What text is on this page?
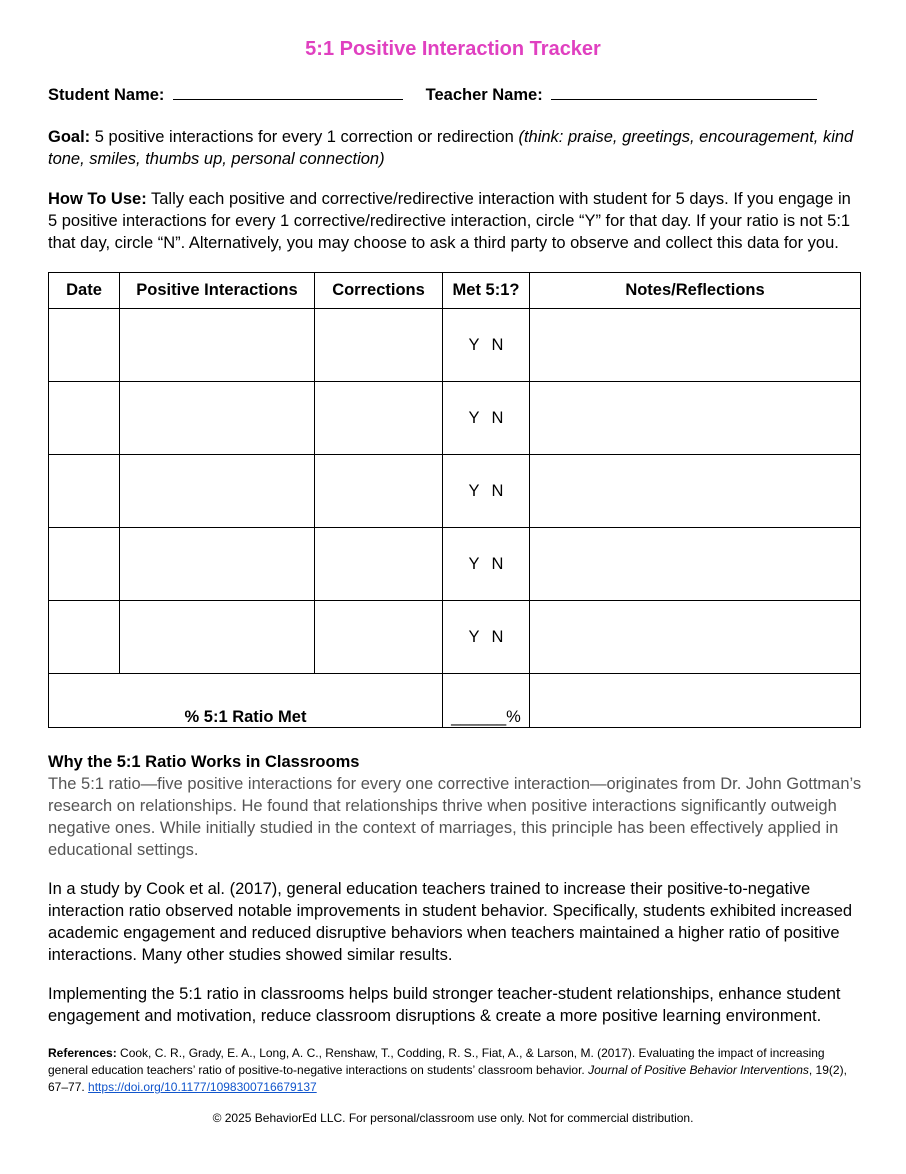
5:1 Positive Interaction Tracker
Student Name:	Teacher Name:
Goal: 5 positive interactions for every 1 correction or redirection (think: praise, greetings, encouragement, kind tone, smiles, thumbs up, personal connection)
How To Use: Tally each positive and corrective/redirective interaction with student for 5 days. If you engage in 5 positive interactions for every 1 corrective/redirective interaction, circle “Y” for that day. If your ratio is not 5:1 that day, circle “N”. Alternatively, you may choose to ask a third party to observe and collect this data for you.
Date	Positive Interactions	Corrections	Met 5:1?	Notes/Reflections
			Y N	
			Y N	
			Y N	
			Y N	
			Y N	
% 5:1 Ratio Met			______%	
Why the 5:1 Ratio Works in Classrooms
The 5:1 ratio—five positive interactions for every one corrective interaction—originates from Dr. John Gottman’s research on relationships. He found that relationships thrive when positive interactions significantly outweigh negative ones. While initially studied in the context of marriages, this principle has been effectively applied in educational settings.
In a study by Cook et al. (2017), general education teachers trained to increase their positive-to-negative interaction ratio observed notable improvements in student behavior. Specifically, students exhibited increased academic engagement and reduced disruptive behaviors when teachers maintained a higher ratio of positive interactions. Many other studies showed similar results.
Implementing the 5:1 ratio in classrooms helps build stronger teacher-student relationships, enhance student engagement and motivation, reduce classroom disruptions & create a more positive learning environment.
References: Cook, C. R., Grady, E. A., Long, A. C., Renshaw, T., Codding, R. S., Fiat, A., & Larson, M. (2017). Evaluating the impact of increasing general education teachers’ ratio of positive-to-negative interactions on students’ classroom behavior. Journal of Positive Behavior Interventions, 19(2), 67–77. https://doi.org/10.1177/1098300716679137
© 2025 BehaviorEd LLC. For personal/classroom use only. Not for commercial distribution.
